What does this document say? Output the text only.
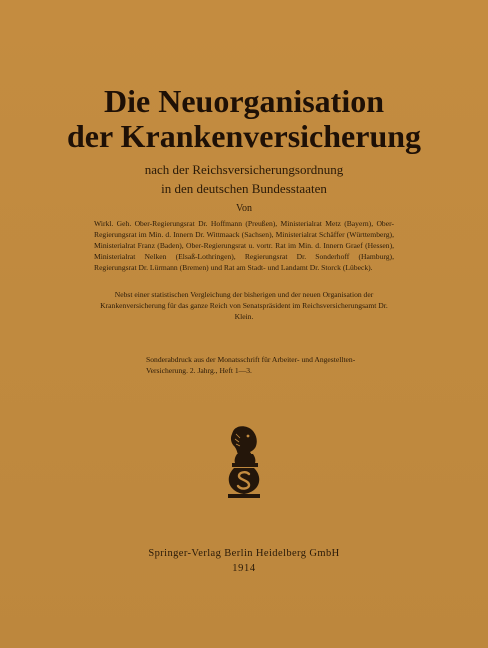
Die Neuorganisation
der Krankenversicherung
nach der Reichsversicherungsordnung
in den deutschen Bundesstaaten
Von
Wirkl. Geh. Ober-Regierungsrat Dr. Hoffmann (Preußen), Ministerialrat Metz (Bayern), Ober-Regierungsrat im Min. d. Innern Dr. Wittmaack (Sachsen), Ministerialrat Schäffer (Württemberg), Ministerialrat Franz (Baden), Ober-Regierungsrat u. vortr. Rat im Min. d. Innern Graef (Hessen), Ministerialrat Nelken (Elsaß-Lothringen), Regierungsrat Dr. Sonderhoff (Hamburg), Regierungsrat Dr. Lürmann (Bremen) und Rat am Stadt- und Landamt Dr. Storck (Lübeck).
Nebst einer statistischen Vergleichung der bisherigen und der neuen Organisation der Krankenversicherung für das ganze Reich von Senatspräsident im Reichsversicherungsamt Dr. Klein.
Sonderabdruck aus der Monatsschrift für Arbeiter- und Angestellten-Versicherung. 2. Jahrg., Heft 1—3.
Springer-Verlag Berlin Heidelberg GmbH
1914
